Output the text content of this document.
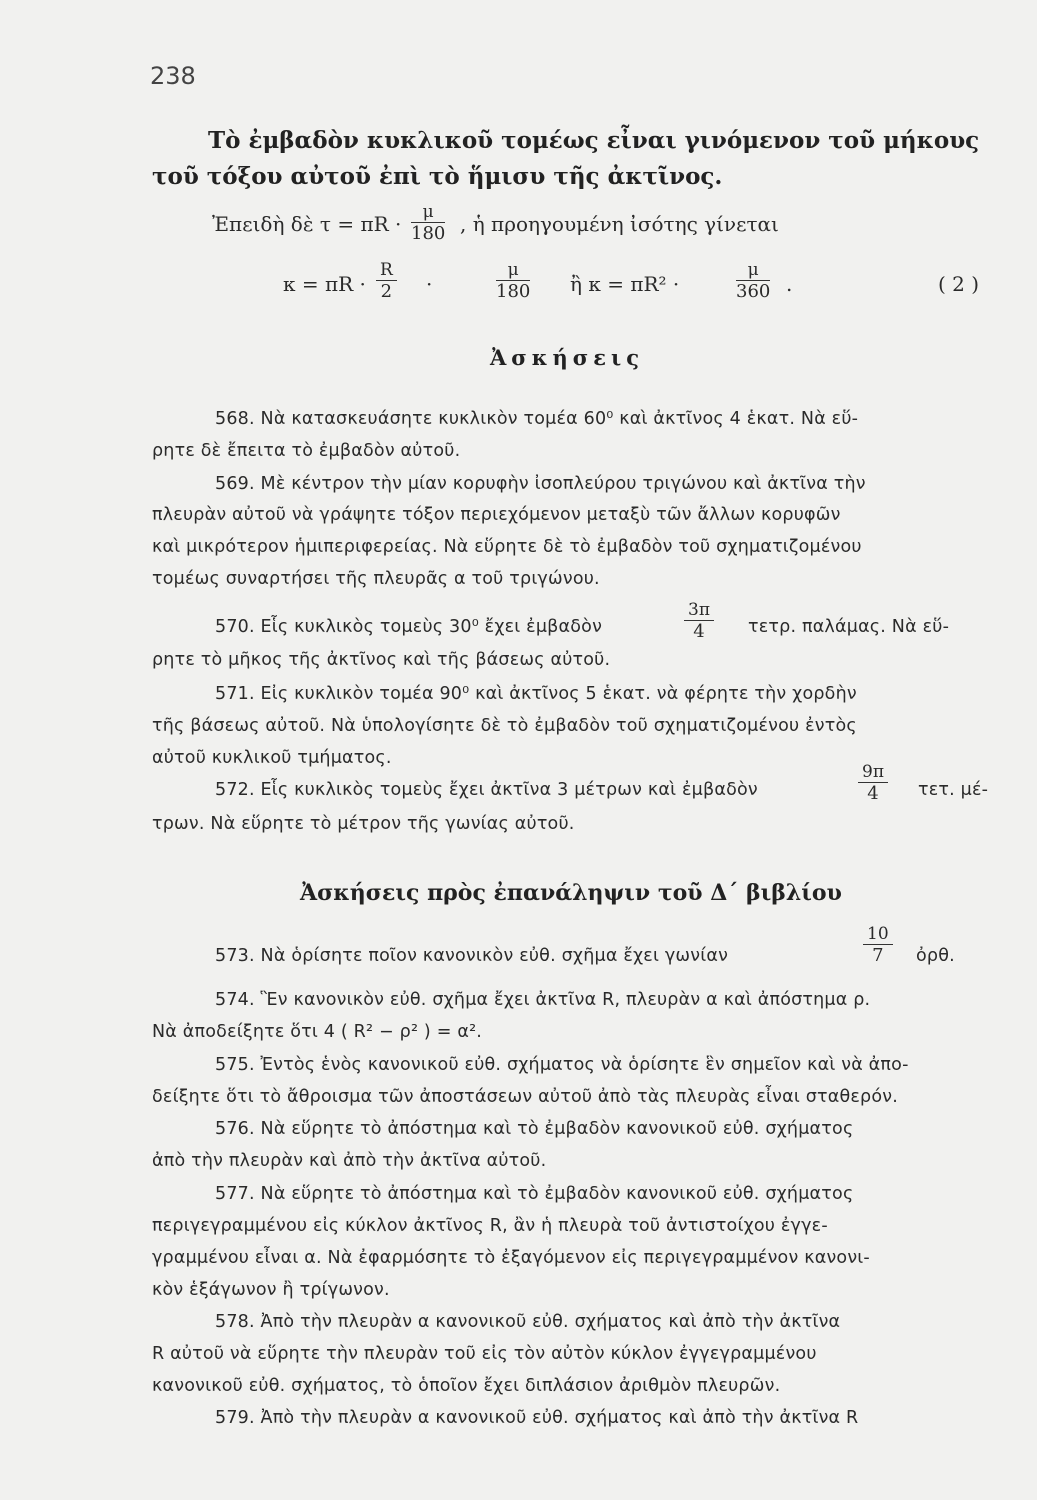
238
Τὸ ἐμβαδὸν κυκλικοῦ τομέως εἶναι γινόμενον τοῦ μήκους
τοῦ τόξου αὐτοῦ ἐπὶ τὸ ἥμισυ τῆς ἀκτῖνος.
Ἐπειδὴ δὲ $\tau = \pi R \cdot \frac{\mu}{180}$ , ἡ προηγουμένη ἰσότης γίνεται
$\kappa = \pi R \cdot \frac{R}{2}$ ·	$\frac{\mu}{180}$ ἢ κ = πR² ·	$\frac{\mu}{360}$ .	( 2 )
Ἀσκήσεις
568. Νὰ κατασκευάσητε κυκλικὸν τομέα 60⁰ καὶ ἀκτῖνος 4 ἑκατ. Νὰ εὕ-
ρητε δὲ ἔπειτα τὸ ἐμβαδὸν αὐτοῦ.
569. Μὲ κέντρον τὴν μίαν κορυφὴν ἰσοπλεύρου τριγώνου καὶ ἀκτῖνα τὴν
πλευρὰν αὐτοῦ νὰ γράψητε τόξον περιεχόμενον μεταξὺ τῶν ἄλλων κορυφῶν
καὶ μικρότερον ἡμιπεριφερείας. Νὰ εὕρητε δὲ τὸ ἐμβαδὸν τοῦ σχηματιζομένου
τομέως συναρτήσει τῆς πλευρᾶς α τοῦ τριγώνου.
570. Εἷς κυκλικὸς τομεὺς 30⁰ ἔχει ἐμβαδὸν	$\frac{3\pi}{4} \tau\varepsilon\tau\rho$. παλάμας. Νὰ εὕ-
ρητε τὸ μῆκος τῆς ἀκτῖνος καὶ τῆς βάσεως αὐτοῦ.
571. Εἰς κυκλικὸν τομέα 90⁰ καὶ ἀκτῖνος 5 ἑκατ. νὰ φέρητε τὴν χορδὴν
τῆς βάσεως αὐτοῦ. Νὰ ὑπολογίσητε δὲ τὸ ἐμβαδὸν τοῦ σχηματιζομένου ἐντὸς
αὐτοῦ κυκλικοῦ τμήματος.
572. Εἷς κυκλικὸς τομεὺς ἔχει ἀκτῖνα 3 μέτρων καὶ ἐμβαδὸν	$\frac{9\pi}{4} \tau\varepsilon\tau$. μέ-
τρων. Νὰ εὕρητε τὸ μέτρον τῆς γωνίας αὐτοῦ.
Ἀσκήσεις πρὸς ἐπανάληψιν τοῦ Δ΄ βιβλίου
573. Νὰ ὁρίσητε ποῖον κανονικὸν εὐθ. σχῆμα ἔχει γωνίαν	$\frac{10}{7}$ ὀρθ.
574. Ἓν κανονικὸν εὐθ. σχῆμα ἔχει ἀκτῖνα R, πλευρὰν α καὶ ἀπόστημα ρ.
Νὰ ἀποδείξητε ὅτι 4 ( R² − ρ² ) = α².
575. Ἐντὸς ἑνὸς κανονικοῦ εὐθ. σχήματος νὰ ὁρίσητε ἓν σημεῖον καὶ νὰ ἀπο-
δείξητε ὅτι τὸ ἄθροισμα τῶν ἀποστάσεων αὐτοῦ ἀπὸ τὰς πλευρὰς εἶναι σταθερόν.
576. Νὰ εὕρητε τὸ ἀπόστημα καὶ τὸ ἐμβαδὸν κανονικοῦ εὐθ. σχήματος
ἀπὸ τὴν πλευρὰν καὶ ἀπὸ τὴν ἀκτῖνα αὐτοῦ.
577. Νὰ εὕρητε τὸ ἀπόστημα καὶ τὸ ἐμβαδὸν κανονικοῦ εὐθ. σχήματος
περιγεγραμμένου εἰς κύκλον ἀκτῖνος R, ἂν ἡ πλευρὰ τοῦ ἀντιστοίχου ἐγγε-
γραμμένου εἶναι α. Νὰ ἐφαρμόσητε τὸ ἐξαγόμενον εἰς περιγεγραμμένον κανονι-
κὸν ἑξάγωνον ἢ τρίγωνον.
578. Ἀπὸ τὴν πλευρὰν α κανονικοῦ εὐθ. σχήματος καὶ ἀπὸ τὴν ἀκτῖνα
R αὐτοῦ νὰ εὕρητε τὴν πλευρὰν τοῦ εἰς τὸν αὐτὸν κύκλον ἐγγεγραμμένου
κανονικοῦ εὐθ. σχήματος, τὸ ὁποῖον ἔχει διπλάσιον ἀριθμὸν πλευρῶν.
579. Ἀπὸ τὴν πλευρὰν α κανονικοῦ εὐθ. σχήματος καὶ ἀπὸ τὴν ἀκτῖνα R
